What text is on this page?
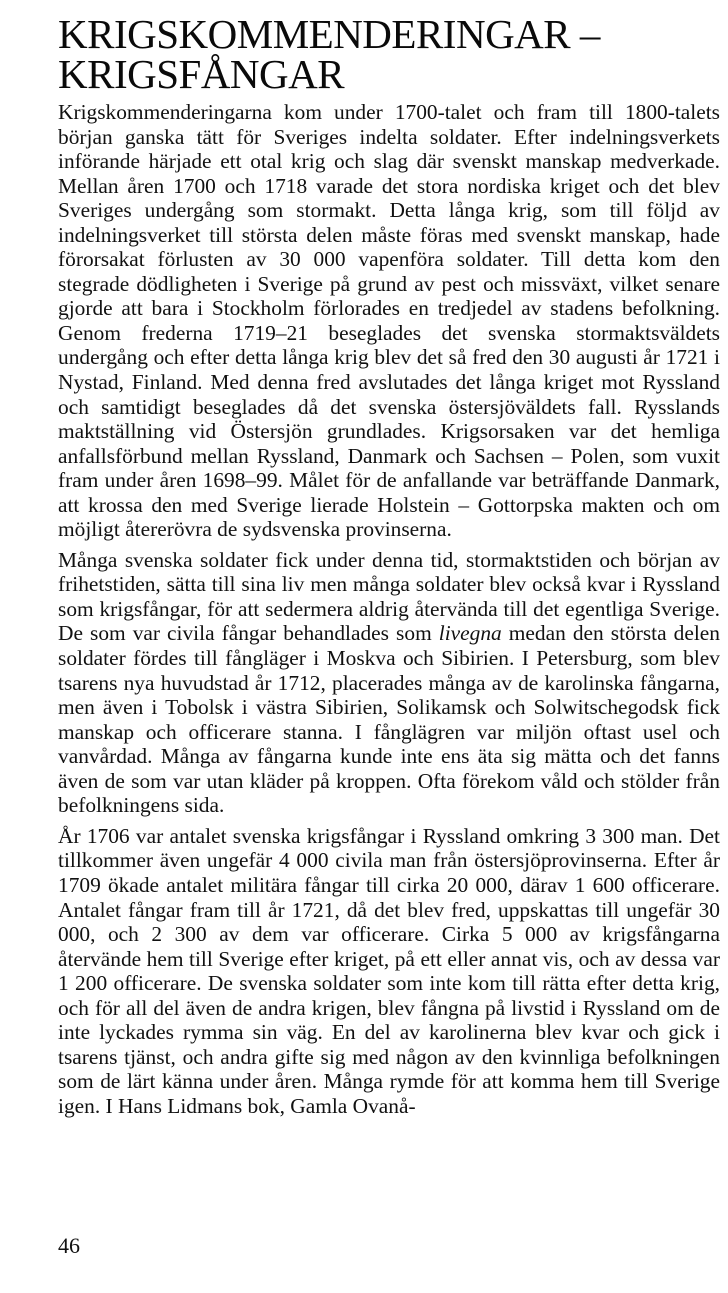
KRIGSKOMMENDERINGAR –
KRIGSFÅNGAR

Krigskommenderingarna kom under 1700-talet och fram till 1800-talets början ganska tätt för Sveriges indelta soldater. Efter indelningsverkets införande härjade ett otal krig och slag där svenskt manskap medverkade. Mellan åren 1700 och 1718 varade det stora nordiska kriget och det blev Sveriges undergång som stormakt. Detta långa krig, som till följd av indelningsverket till största delen måste föras med svenskt manskap, hade förorsakat förlusten av 30 000 vapenföra soldater. Till detta kom den stegrade dödligheten i Sverige på grund av pest och missväxt, vilket senare gjorde att bara i Stockholm förlorades en tredjedel av stadens befolkning. Genom frederna 1719–21 beseglades det svenska stormaktsväldets undergång och efter detta långa krig blev det så fred den 30 augusti år 1721 i Nystad, Finland. Med denna fred avslutades det långa kriget mot Ryssland och samtidigt beseglades då det svenska östersjöväldets fall. Rysslands maktställning vid Östersjön grundlades. Krigsorsaken var det hemliga anfallsförbund mellan Ryssland, Danmark och Sachsen – Polen, som vuxit fram under åren 1698–99. Målet för de anfallande var beträffande Danmark, att krossa den med Sverige lierade Holstein – Gottorpska makten och om möjligt återerövra de sydsvenska provinserna.

Många svenska soldater fick under denna tid, stormaktstiden och början av frihetstiden, sätta till sina liv men många soldater blev också kvar i Ryssland som krigsfångar, för att sedermera aldrig återvända till det egentliga Sverige. De som var civila fångar behandlades som livegna medan den största delen soldater fördes till fångläger i Moskva och Sibirien. I Petersburg, som blev tsarens nya huvudstad år 1712, placerades många av de karolinska fångarna, men även i Tobolsk i västra Sibirien, Solikamsk och Solwitschegodsk fick manskap och officerare stanna. I fånglägren var miljön oftast usel och vanvårdad. Många av fångarna kunde inte ens äta sig mätta och det fanns även de som var utan kläder på kroppen. Ofta förekom våld och stölder från befolkningens sida.

År 1706 var antalet svenska krigsfångar i Ryssland omkring 3 300 man. Det tillkommer även ungefär 4 000 civila man från östersjöprovinserna. Efter år 1709 ökade antalet militära fångar till cirka 20 000, därav 1 600 officerare. Antalet fångar fram till år 1721, då det blev fred, uppskattas till ungefär 30 000, och 2 300 av dem var officerare. Cirka 5 000 av krigsfångarna återvände hem till Sverige efter kriget, på ett eller annat vis, och av dessa var 1 200 officerare. De svenska soldater som inte kom till rätta efter detta krig, och för all del även de andra krigen, blev fångna på livstid i Ryssland om de inte lyckades rymma sin väg. En del av karolinerna blev kvar och gick i tsarens tjänst, och andra gifte sig med någon av den kvinnliga befolkningen som de lärt känna under åren. Många rymde för att komma hem till Sverige igen. I Hans Lidmans bok, Gamla Ovanå-

46
